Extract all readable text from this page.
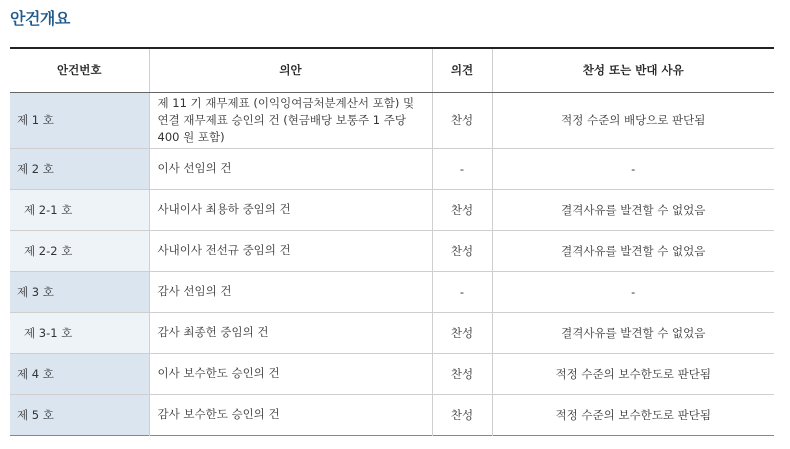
안건개요
안건번호	의안	의견	찬성 또는 반대 사유
제 1 호	제 11 기 재무제표 (이익잉여금처분계산서 포함) 및 연결 재무제표 승인의 건 (현금배당 보통주 1 주당 400 원 포함)	찬성	적정 수준의 배당으로 판단됨
제 2 호	이사 선임의 건	-	-
제 2-1 호	사내이사 최용하 중임의 건	찬성	결격사유를 발견할 수 없었음
제 2-2 호	사내이사 전선규 중임의 건	찬성	결격사유를 발견할 수 없었음
제 3 호	감사 선임의 건	-	-
제 3-1 호	감사 최종헌 중임의 건	찬성	결격사유를 발견할 수 없었음
제 4 호	이사 보수한도 승인의 건	찬성	적정 수준의 보수한도로 판단됨
제 5 호	감사 보수한도 승인의 건	찬성	적정 수준의 보수한도로 판단됨
